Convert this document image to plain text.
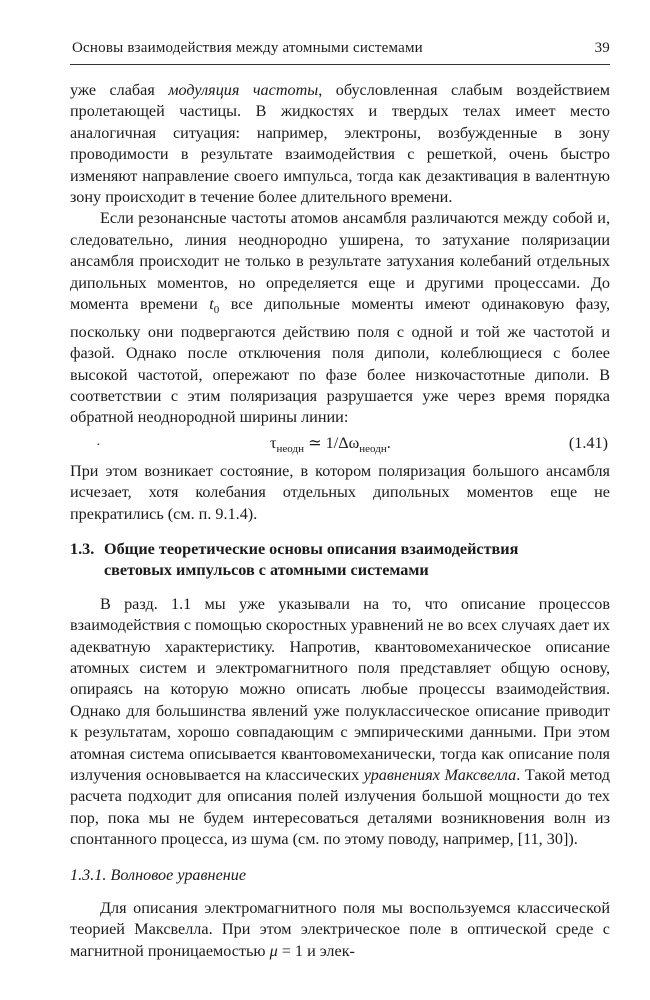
Основы взаимодействия между атомными системами	39

уже слабая модуляция частоты, обусловленная слабым воздействием пролетающей частицы. В жидкостях и твердых телах имеет место аналогичная ситуация: например, электроны, возбужденные в зону проводимости в результате взаимодействия с решеткой, очень быстро изменяют направление своего импульса, тогда как дезактивация в валентную зону происходит в течение более длительного времени.

Если резонансные частоты атомов ансамбля различаются между собой и, следовательно, линия неоднородно уширена, то затухание поляризации ансамбля происходит не только в результате затухания колебаний отдельных дипольных моментов, но определяется еще и другими процессами. До момента времени $t_0$ все дипольные моменты имеют одинаковую фазу, поскольку они подвергаются действию поля с одной и той же частотой и фазой. Однако после отключения поля диполи, колеблющиеся с более высокой частотой, опережают по фазе более низкочастотные диполи. В соответствии с этим поляризация разрушается уже через время порядка обратной неоднородной ширины линии:

·	$\tau_{неодн}$ ≃ $1/\Delta\omega_{неодн}$.	(1.41)

При этом возникает состояние, в котором поляризация большого ансамбля исчезает, хотя колебания отдельных дипольных моментов еще не прекратились (см. п. 9.1.4).

1.3. Общие теоретические основы описания взаимодействия
световых импульсов с атомными системами

В разд. 1.1 мы уже указывали на то, что описание процессов взаимодействия с помощью скоростных уравнений не во всех случаях дает их адекватную характеристику. Напротив, квантовомеханическое описание атомных систем и электромагнитного поля представляет общую основу, опираясь на которую можно описать любые процессы взаимодействия. Однако для большинства явлений уже полуклассическое описание приводит к результатам, хорошо совпадающим с эмпирическими данными. При этом атомная система описывается квантовомеханически, тогда как описание поля излучения основывается на классических уравнениях Максвелла. Такой метод расчета подходит для описания полей излучения большой мощности до тех пор, пока мы не будем интересоваться деталями возникновения волн из спонтанного процесса, из шума (см. по этому поводу, например, [11, 30]).

1.3.1. Волновое уравнение

Для описания электромагнитного поля мы воспользуемся классической теорией Максвелла. При этом электрическое поле в оптической среде с магнитной проницаемостью μ = 1 и элек-
